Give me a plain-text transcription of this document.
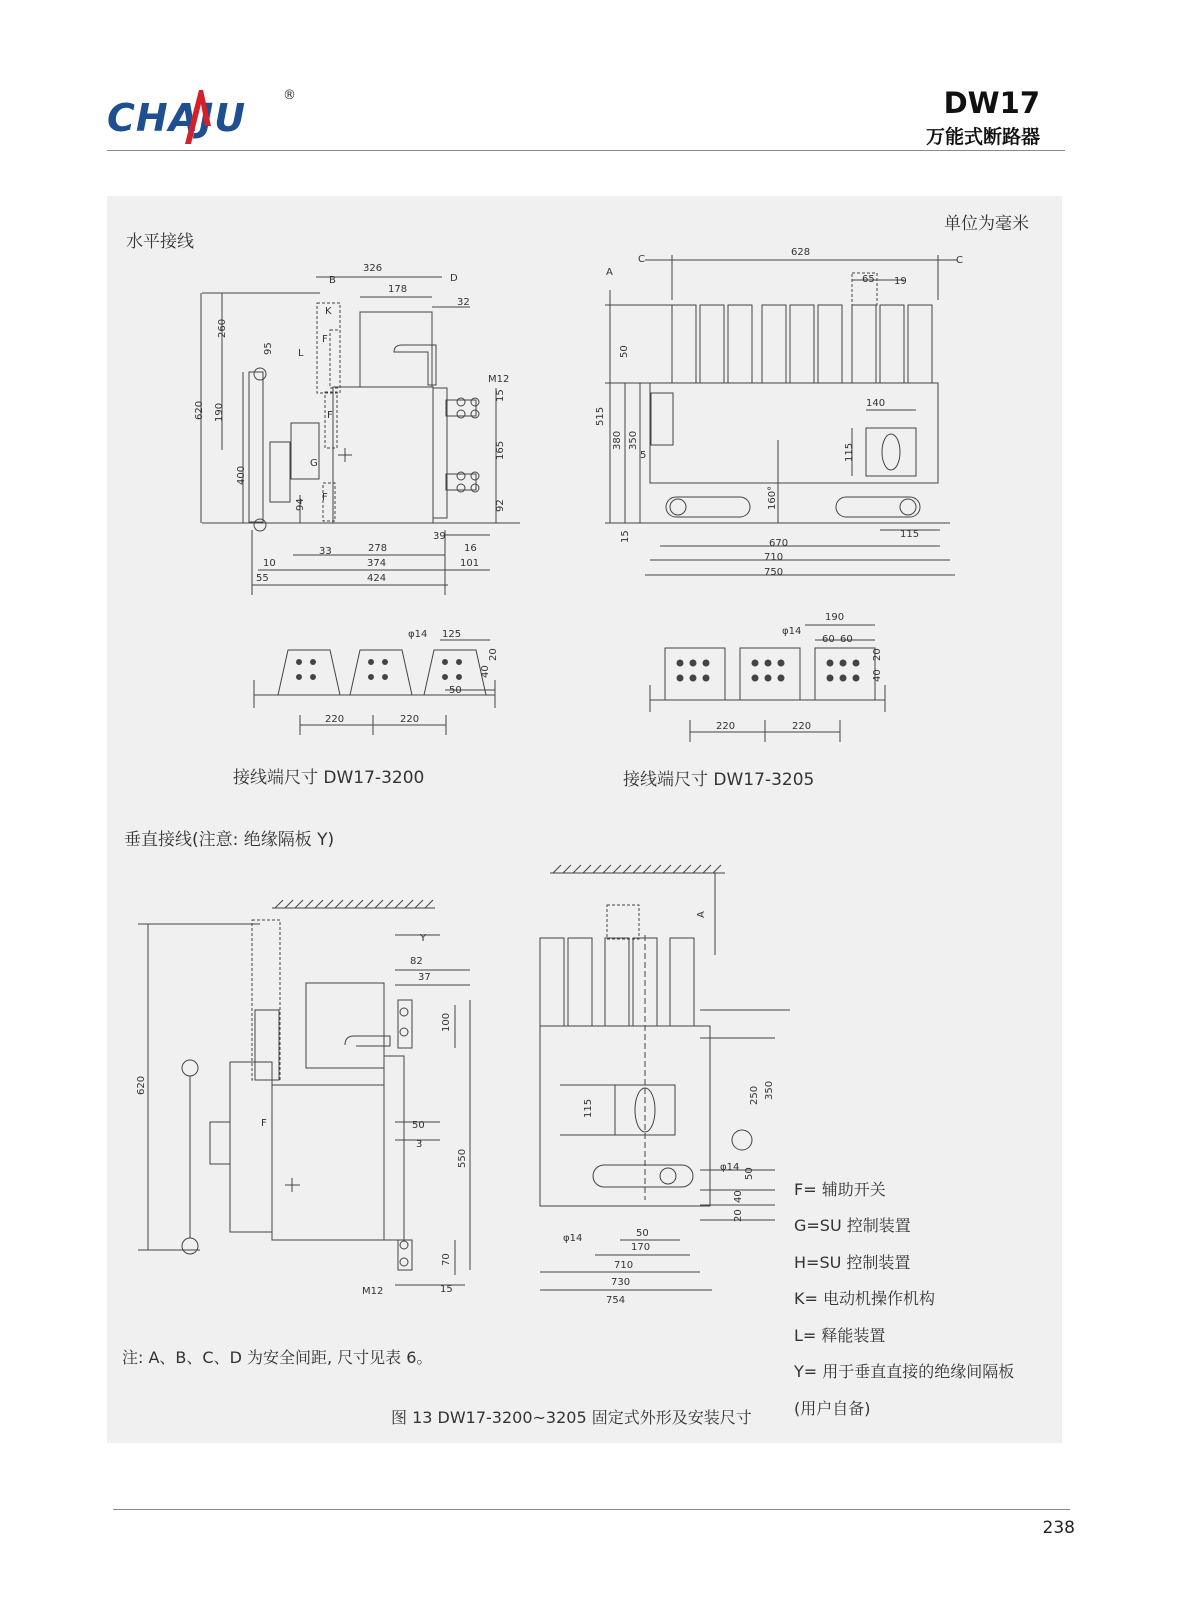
CHAJU
®	DW17
万能式断路器
水平接线
单位为毫米
接线端尺寸 DW17-3200	接线端尺寸 DW17-3205
垂直接线(注意: 绝缘隔板 Y)
注: A、B、C、D 为安全间距, 尺寸见表 6。
图 13 DW17-3200~3205 固定式外形及安装尺寸
F= 辅助开关
G=SU 控制装置
H=SU 控制装置
K= 电动机操作机构
L= 释能装置
Y= 用于垂直直接的绝缘间隔板
(用户自备)
326
B
178
D
32
K
260
95 L
F
620 190
M12
15
F
165
G
400
94
F
92
39
33	278	16
10	374	101
55	424
C
628
C
A
65 19
50
140
515
380 350
5	115
160°
115
15
670
710
750
φ14 125
20
40
50
220	220
190
φ14
60 60
20
40
220	220
Y
82
37
100
620
F	50
3
550
70
M12	15
A
250 350
115
φ14 50
20
40
φ14	50
170
710
730
754
238
